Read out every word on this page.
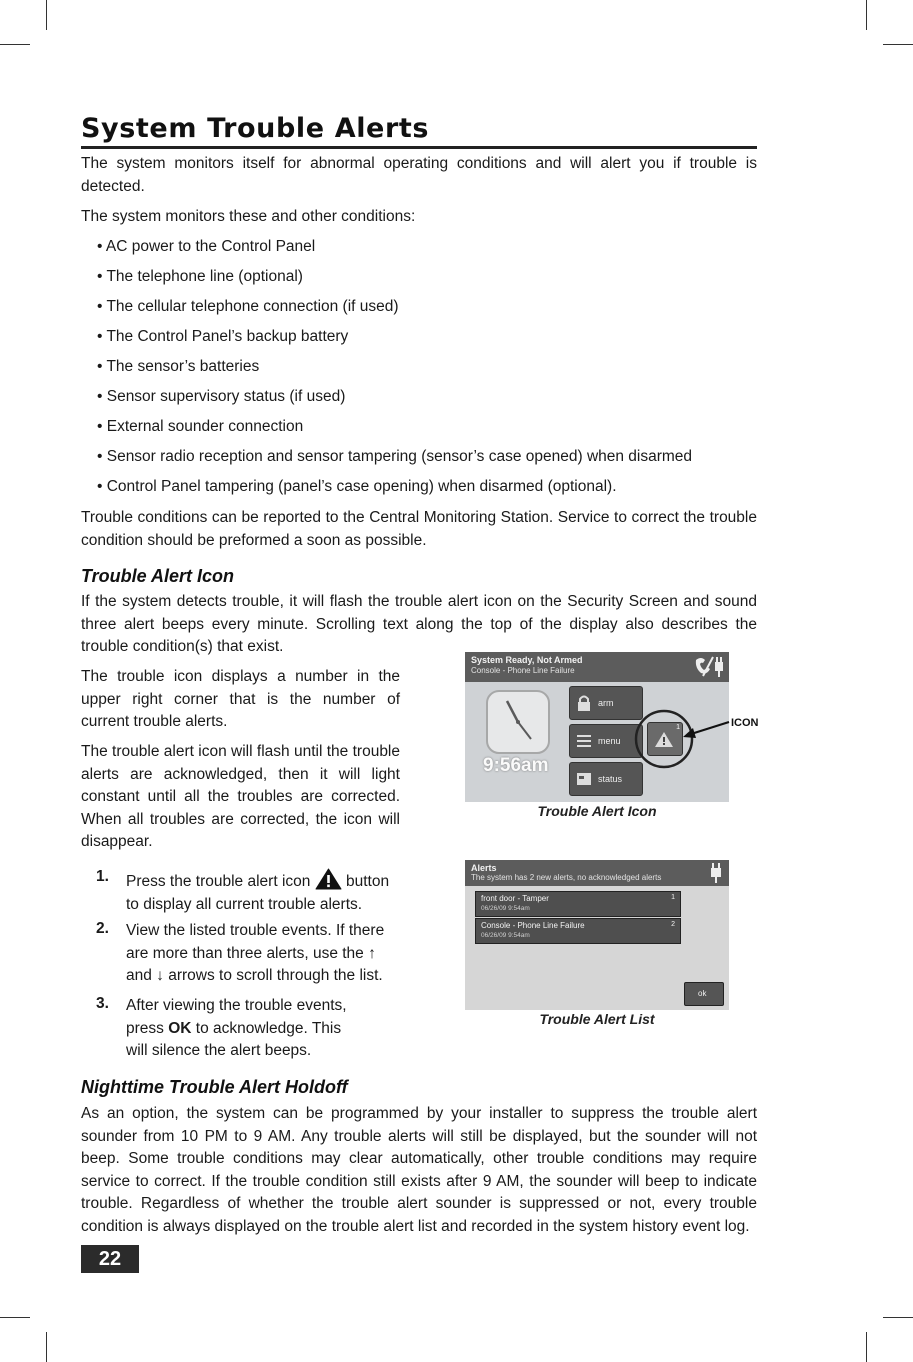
System Trouble Alerts

The system monitors itself for abnormal operating conditions and will alert you if trouble is detected.

The system monitors these and other conditions:

• AC power to the Control Panel

• The telephone line (optional)

• The cellular telephone connection (if used)

• The Control Panel’s backup battery

• The sensor’s batteries

• Sensor supervisory status (if used)

• External sounder connection

• Sensor radio reception and sensor tampering (sensor’s case opened) when disarmed

• Control Panel tampering (panel’s case opening) when disarmed (optional).

Trouble conditions can be reported to the Central Monitoring Station. Service to correct the trouble condition should be preformed a soon as possible.

Trouble Alert Icon

If the system detects trouble, it will flash the trouble alert icon on the Security Screen and sound three alert beeps every minute. Scrolling text along the top of the display also describes the trouble condition(s) that exist.

The trouble icon displays a number in the upper right corner that is the number of current trouble alerts.

The trouble alert icon will flash until the trouble alerts are acknowledged, then it will light constant until all the troubles are corrected. When all troubles are corrected, the icon will disappear.

1. Press the trouble alert icon button
to display all current trouble alerts.
2. View the listed trouble events. If there
are more than three alerts, use the ↑
and ↓ arrows to scroll through the list.
3. After viewing the trouble events,
press OK to acknowledge. This
will silence the alert beeps.
System Ready, Not Armed
Console - Phone Line Failure
9:56am
arm
menu
status
1	ICON
Trouble Alert Icon
Alerts
The system has 2 new alerts, no acknowledged alerts
front door - Tamper
06/26/09 9:54am
1
Console - Phone Line Failure
06/26/09 9:54am
2
ok
Trouble Alert List
Nighttime Trouble Alert Holdoff

As an option, the system can be programmed by your installer to suppress the trouble alert sounder from 10 PM to 9 AM. Any trouble alerts will still be displayed, but the sounder will not beep. Some trouble conditions may clear automatically, other trouble conditions may require service to correct. If the trouble condition still exists after 9 AM, the sounder will beep to indicate trouble. Regardless of whether the trouble alert sounder is suppressed or not, every trouble condition is always displayed on the trouble alert list and recorded in the system history event log.

22
